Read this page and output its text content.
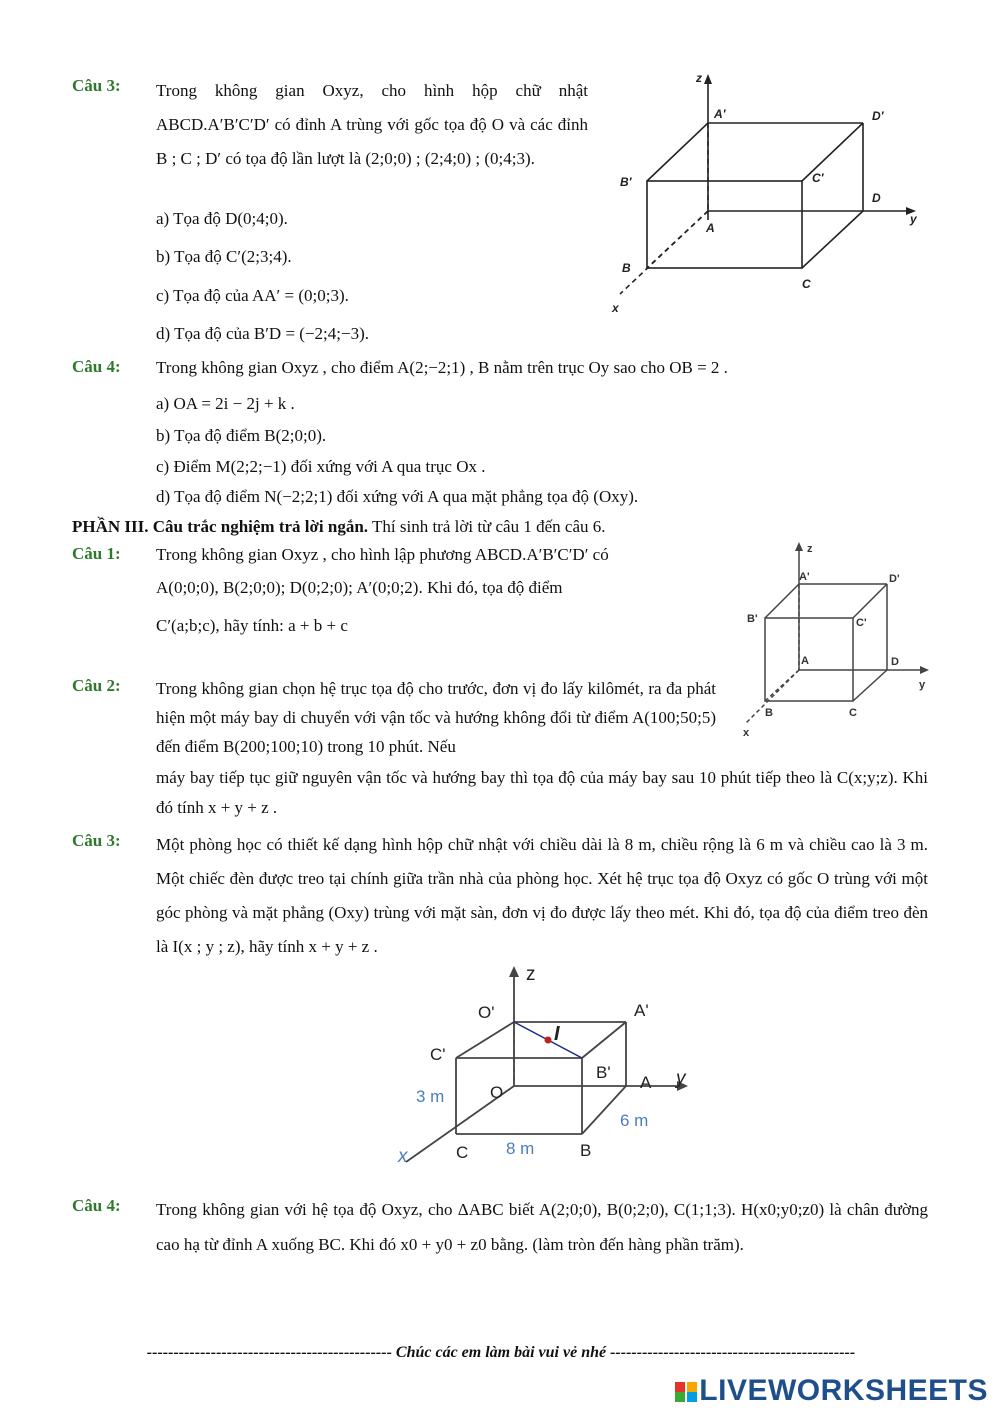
Câu 3: Trong không gian Oxyz, cho hình hộp chữ nhật ABCD.A′B′C′D′ có đỉnh A trùng với gốc tọa độ O và các đỉnh B ; C ; D′ có tọa độ lần lượt là (2;0;0) ; (2;4;0) ; (0;4;3).
a) Tọa độ D(0;4;0).
b) Tọa độ C′(2;3;4).
c) Tọa độ của AA′ = (0;0;3).
d) Tọa độ của B′D = (−2;4;−3).
z
y
x
A′	D′
B′	C′
D
A
B
C
Câu 4: Trong không gian Oxyz , cho điểm A(2;−2;1) , B nằm trên trục Oy sao cho OB = 2 .
a) OA = 2i − 2j + k .
b) Tọa độ điểm B(2;0;0).
c) Điểm M(2;2;−1) đối xứng với A qua trục Ox .
d) Tọa độ điểm N(−2;2;1) đối xứng với A qua mặt phẳng tọa độ (Oxy).
PHẦN III. Câu trắc nghiệm trả lời ngắn. Thí sinh trả lời từ câu 1 đến câu 6.
Câu 1: Trong không gian Oxyz , cho hình lập phương ABCD.A′B′C′D′ có
A(0;0;0), B(2;0;0); D(0;2;0); A′(0;0;2). Khi đó, tọa độ điểm
C′(a;b;c), hãy tính: a + b + c
z
y
x
A'	D'
B'	C'
A	D
B	C
Câu 2: Trong không gian chọn hệ trục tọa độ cho trước, đơn vị đo lấy kilômét, ra đa phát hiện một máy bay di chuyển với vận tốc và hướng không đổi từ điểm A(100;50;5) đến điểm B(200;100;10) trong 10 phút. Nếu
máy bay tiếp tục giữ nguyên vận tốc và hướng bay thì tọa độ của máy bay sau 10 phút tiếp theo là C(x;y;z). Khi đó tính x + y + z .
Câu 3: Một phòng học có thiết kế dạng hình hộp chữ nhật với chiều dài là 8 m, chiều rộng là 6 m và chiều cao là 3 m. Một chiếc đèn được treo tại chính giữa trần nhà của phòng học. Xét hệ trục tọa độ Oxyz có gốc O trùng với một góc phòng và mặt phẳng (Oxy) trùng với mặt sàn, đơn vị đo được lấy theo mét. Khi đó, tọa độ của điểm treo đèn là I(x ; y ; z), hãy tính x + y + z .
z
y
x
O'	A'
C'
B'
A
O
I
C	B
3 m
8 m
6 m
Câu 4: Trong không gian với hệ tọa độ Oxyz, cho ΔABC biết A(2;0;0), B(0;2;0), C(1;1;3). H(x0;y0;z0) là chân đường cao hạ từ đỉnh A xuống BC. Khi đó x0 + y0 + z0 bằng. (làm tròn đến hàng phần trăm).
---------------------------------------------- Chúc các em làm bài vui vẻ nhé ----------------------------------------------

LIVEWORKSHEETS
